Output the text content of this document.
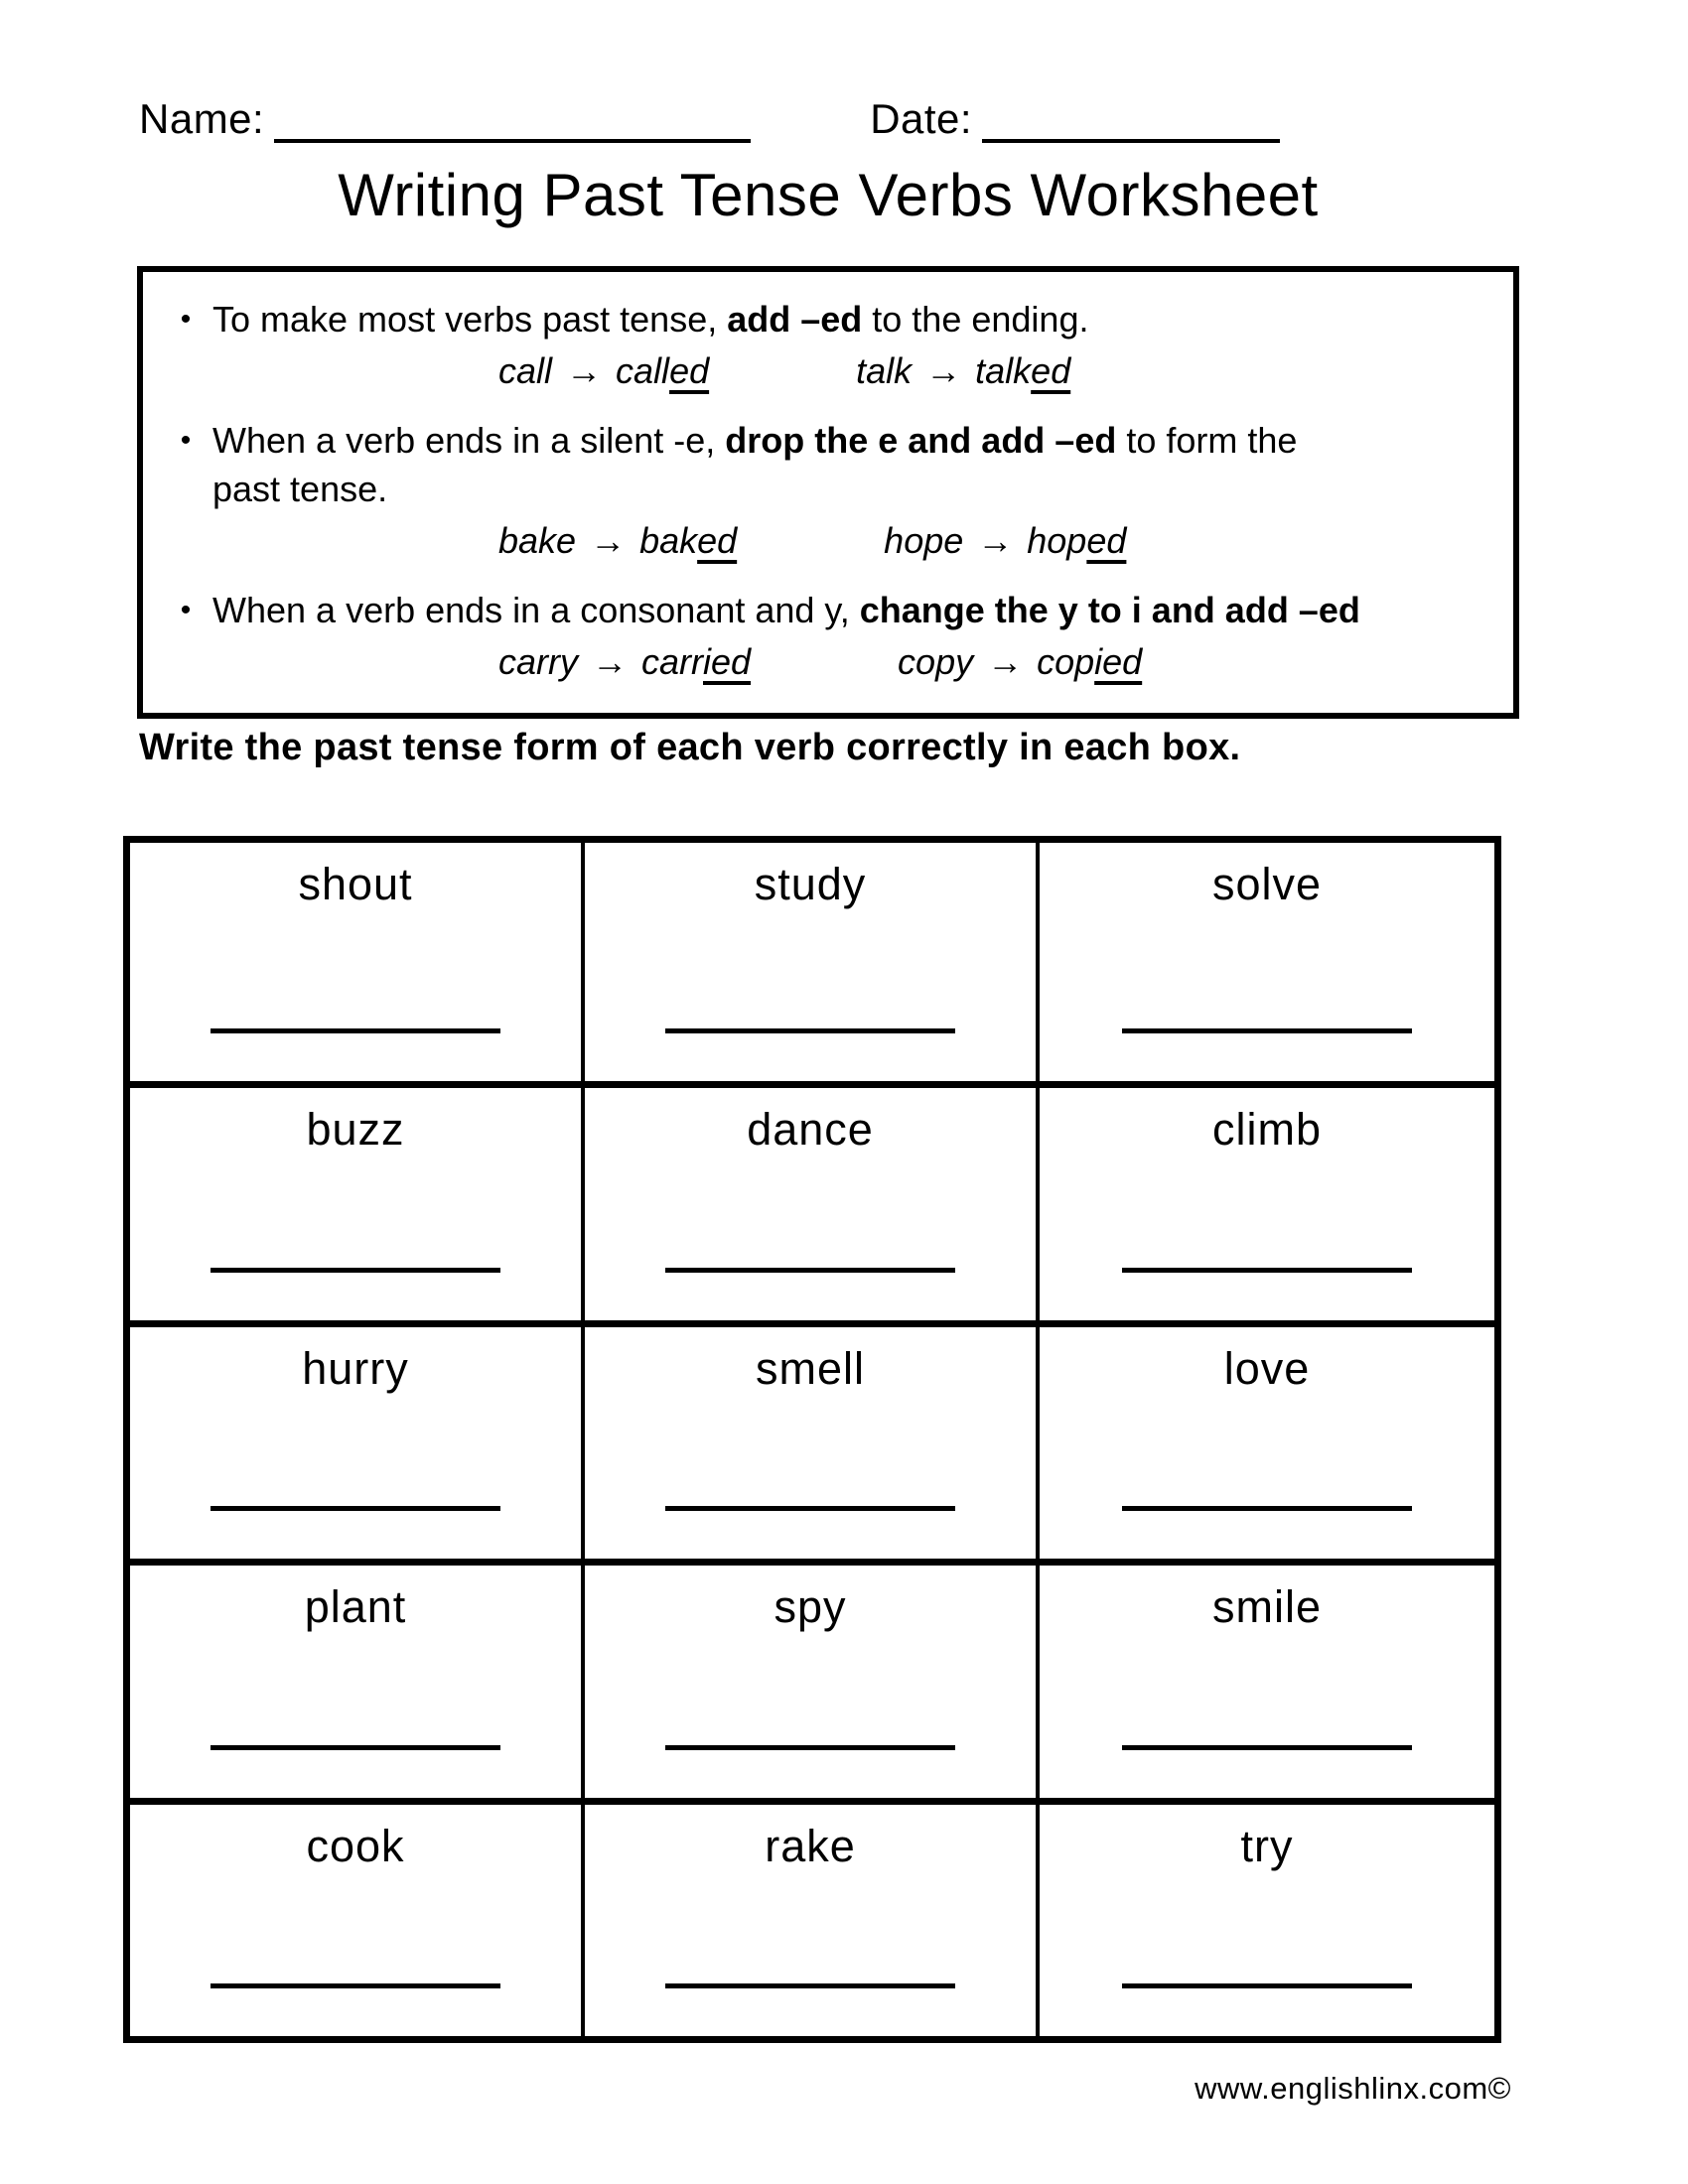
Name:	Date:
Writing Past Tense Verbs Worksheet
• To make most verbs past tense, add –ed to the ending.
call → called	talk → talked
• When a verb ends in a silent -e, drop the e and add –ed to form the
past tense.
bake → baked	hope → hoped
• When a verb ends in a consonant and y, change the y to i and add –ed
carry → carried	copy → copied
Write the past tense form of each verb correctly in each box.
shout	study	solve
buzz	dance	climb
hurry	smell	love
plant	spy	smile
cook	rake	try
www.englishlinx.com©
